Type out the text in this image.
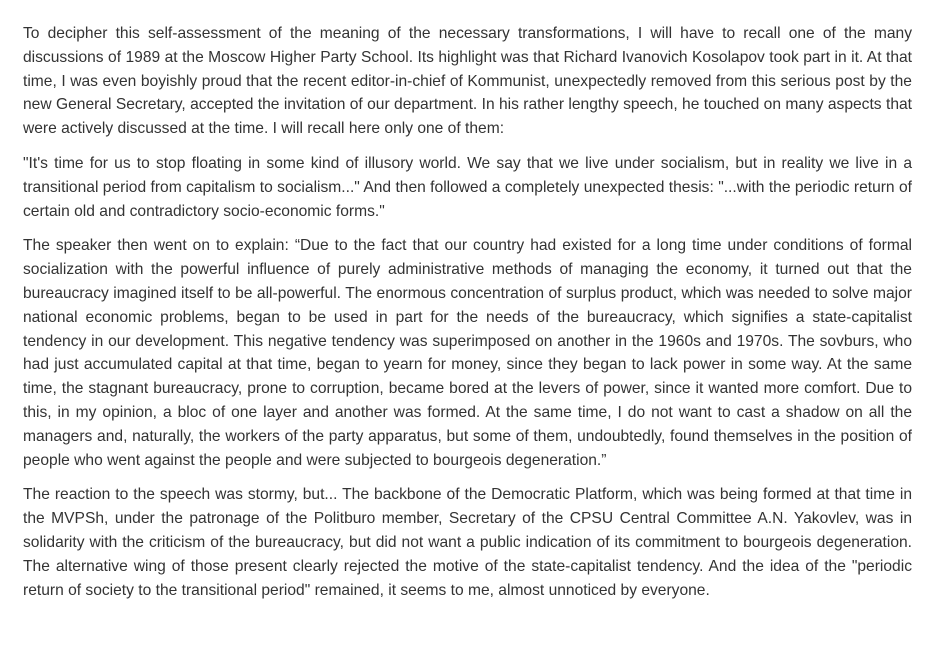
To decipher this self-assessment of the meaning of the necessary transformations, I will have to recall one of the many discussions of 1989 at the Moscow Higher Party School. Its highlight was that Richard Ivanovich Kosolapov took part in it. At that time, I was even boyishly proud that the recent editor-in-chief of Kommunist, unexpectedly removed from this serious post by the new General Secretary, accepted the invitation of our department. In his rather lengthy speech, he touched on many aspects that were actively discussed at the time. I will recall here only one of them:

"It's time for us to stop floating in some kind of illusory world. We say that we live under socialism, but in reality we live in a transitional period from capitalism to socialism..." And then followed a completely unexpected thesis: "...with the periodic return of certain old and contradictory socio-economic forms."

The speaker then went on to explain: “Due to the fact that our country had existed for a long time under conditions of formal socialization with the powerful influence of purely administrative methods of managing the economy, it turned out that the bureaucracy imagined itself to be all-powerful. The enormous concentration of surplus product, which was needed to solve major national economic problems, began to be used in part for the needs of the bureaucracy, which signifies a state-capitalist tendency in our development. This negative tendency was superimposed on another in the 1960s and 1970s. The sovburs, who had just accumulated capital at that time, began to yearn for money, since they began to lack power in some way. At the same time, the stagnant bureaucracy, prone to corruption, became bored at the levers of power, since it wanted more comfort. Due to this, in my opinion, a bloc of one layer and another was formed. At the same time, I do not want to cast a shadow on all the managers and, naturally, the workers of the party apparatus, but some of them, undoubtedly, found themselves in the position of people who went against the people and were subjected to bourgeois degeneration.”

The reaction to the speech was stormy, but... The backbone of the Democratic Platform, which was being formed at that time in the MVPSh, under the patronage of the Politburo member, Secretary of the CPSU Central Committee A.N. Yakovlev, was in solidarity with the criticism of the bureaucracy, but did not want a public indication of its commitment to bourgeois degeneration. The alternative wing of those present clearly rejected the motive of the state-capitalist tendency. And the idea of the "periodic return of society to the transitional period" remained, it seems to me, almost unnoticed by everyone.
